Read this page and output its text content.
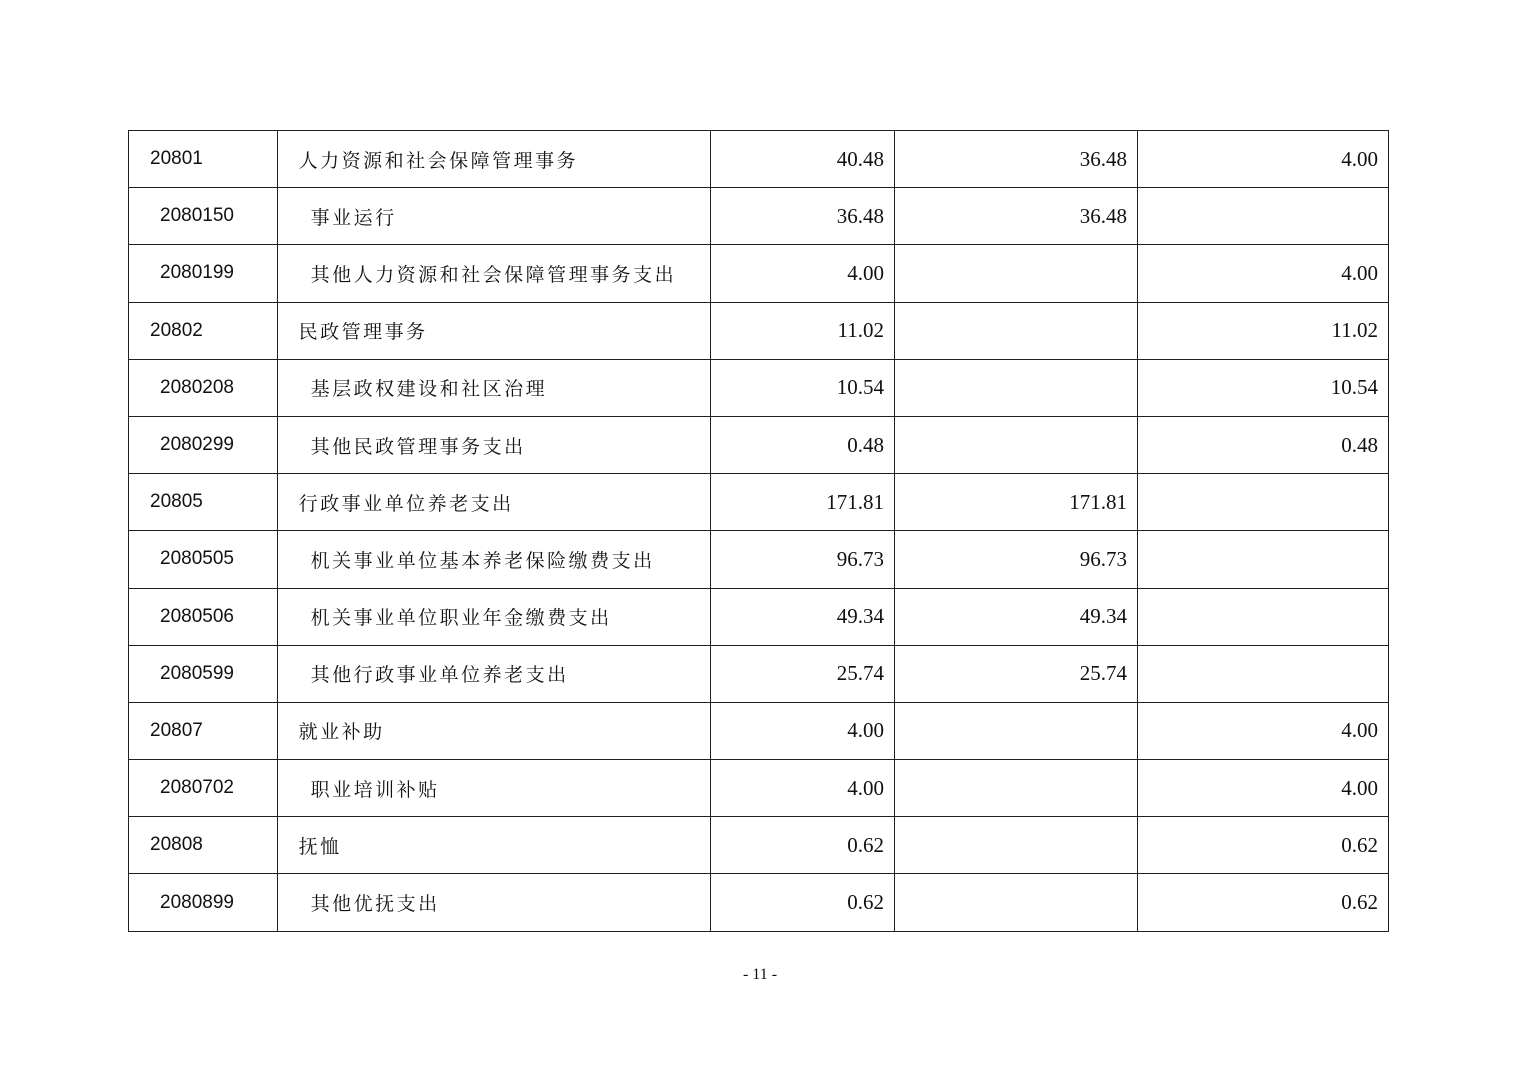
20801	人力资源和社会保障管理事务	40.48	36.48	4.00
2080150	事业运行	36.48	36.48	
2080199	其他人力资源和社会保障管理事务支出	4.00		4.00
20802	民政管理事务	11.02		11.02
2080208	基层政权建设和社区治理	10.54		10.54
2080299	其他民政管理事务支出	0.48		0.48
20805	行政事业单位养老支出	171.81	171.81	
2080505	机关事业单位基本养老保险缴费支出	96.73	96.73	
2080506	机关事业单位职业年金缴费支出	49.34	49.34	
2080599	其他行政事业单位养老支出	25.74	25.74	
20807	就业补助	4.00		4.00
2080702	职业培训补贴	4.00		4.00
20808	抚恤	0.62		0.62
2080899	其他优抚支出	0.62		0.62
- 11 -
